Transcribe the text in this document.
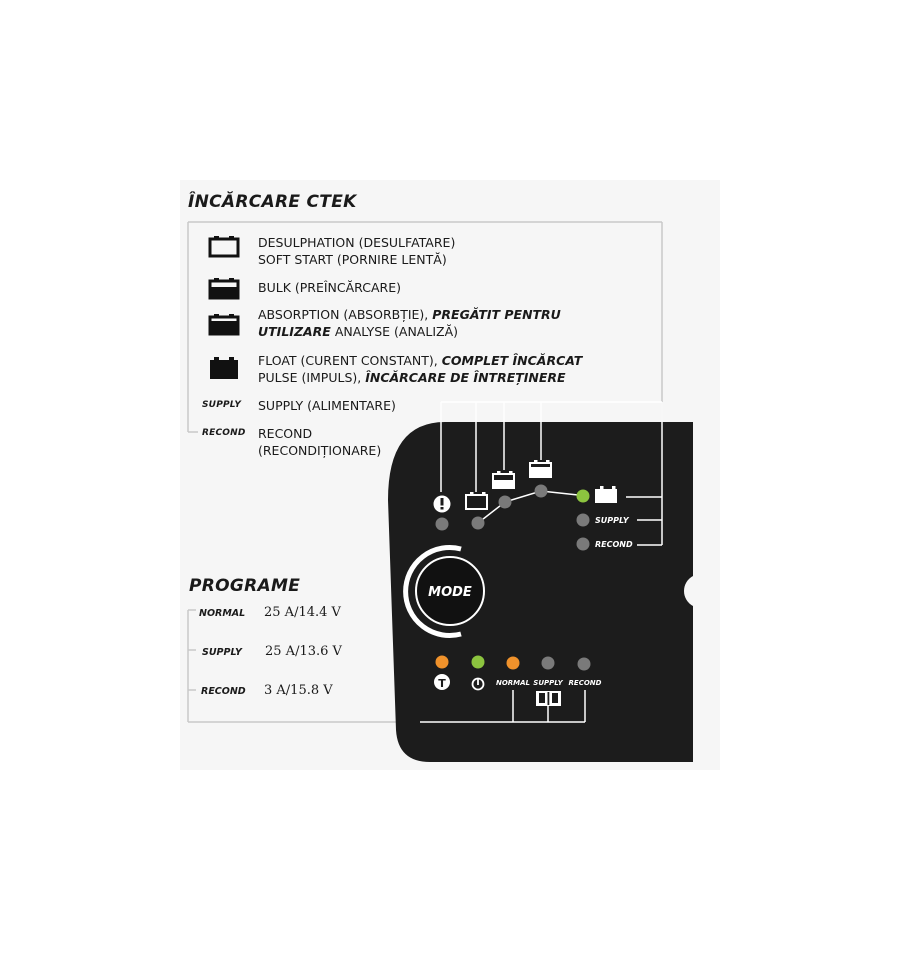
ÎNCĂRCARE CTEK
SUPPLY
RECOND
DESULPHATION (DESULFATARE)
SOFT START (PORNIRE LENTĂ)
BULK (PREÎNCĂRCARE)
ABSORPTION (ABSORBȚIE), PREGĂTIT PENTRU
UTILIZARE ANALYSE (ANALIZĂ)
FLOAT (CURENT CONSTANT), COMPLET ÎNCĂRCAT
PULSE (IMPULS), ÎNCĂRCARE DE ÎNTREȚINERE
SUPPLY (ALIMENTARE)
RECOND
(RECONDIȚIONARE)
PROGRAME
NORMAL 25 A/14.4 V
SUPPLY 25 A/13.6 V
RECOND 3 A/15.8 V
MODE
SUPPLY
RECOND
T	NORMAL SUPPLY RECOND
